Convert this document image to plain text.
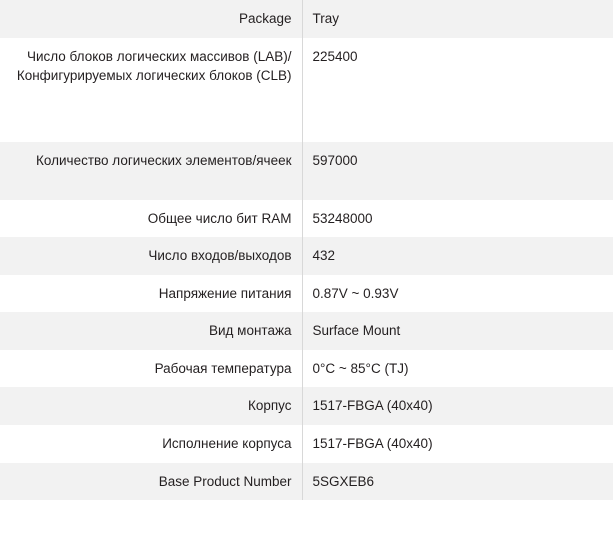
Package	Tray
Число блоков логических массивов (LAB)/ Конфигурируемых логических блоков (CLB)	225400
Количество логических элементов/ячеек	597000
Общее число бит RAM	53248000
Число входов/выходов	432
Напряжение питания	0.87V ~ 0.93V
Вид монтажа	Surface Mount
Рабочая температура	0°C ~ 85°C (TJ)
Корпус	1517-FBGA (40x40)
Исполнение корпуса	1517-FBGA (40x40)
Base Product Number	5SGXEB6
